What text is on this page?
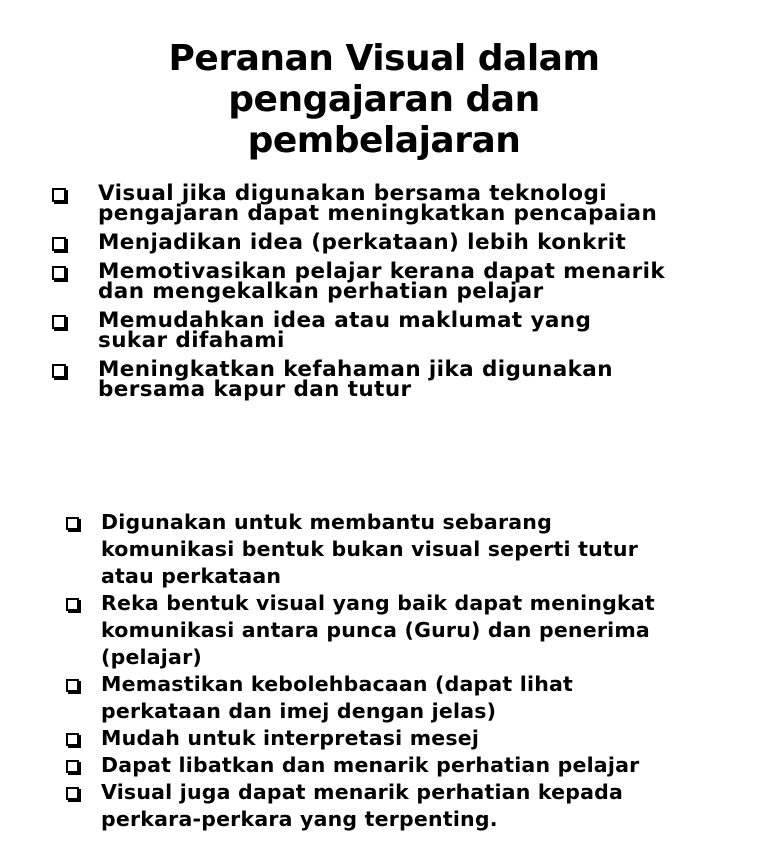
Peranan Visual dalam
pengajaran dan
pembelajaran
Visual jika digunakan bersama teknologi
pengajaran dapat meningkatkan pencapaian
Menjadikan idea (perkataan) lebih konkrit
Memotivasikan pelajar kerana dapat menarik
dan mengekalkan perhatian pelajar
Memudahkan idea atau maklumat yang
sukar difahami
Meningkatkan kefahaman jika digunakan
bersama kapur dan tutur
Digunakan untuk membantu sebarang
komunikasi bentuk bukan visual seperti tutur
atau perkataan
Reka bentuk visual yang baik dapat meningkat
komunikasi antara punca (Guru) dan penerima
(pelajar)
Memastikan kebolehbacaan (dapat lihat
perkataan dan imej dengan jelas)
Mudah untuk interpretasi mesej
Dapat libatkan dan menarik perhatian pelajar
Visual juga dapat menarik perhatian kepada
perkara-perkara yang terpenting.
